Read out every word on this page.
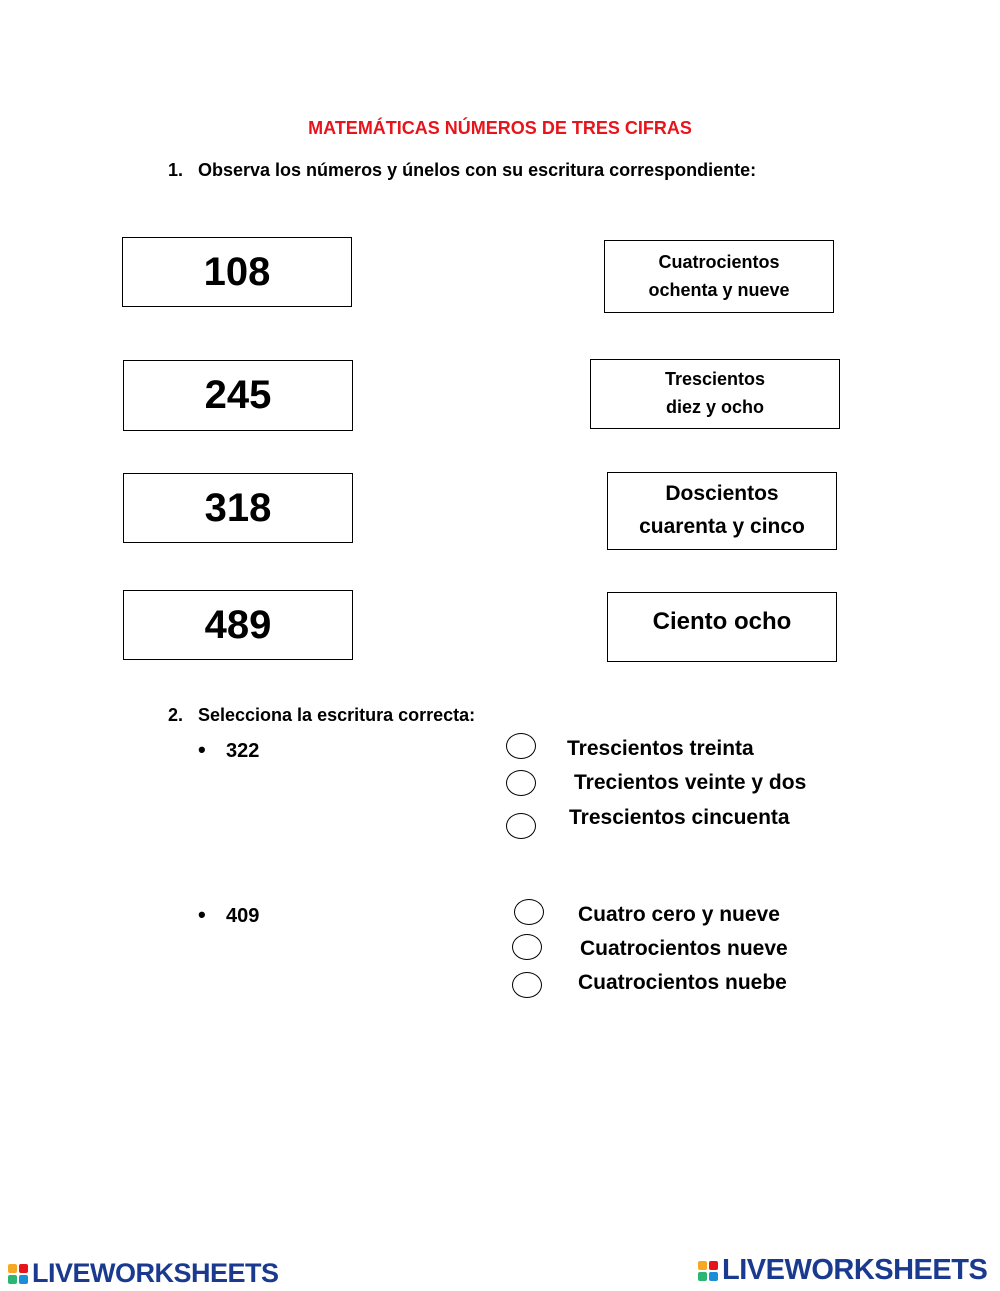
MATEMÁTICAS NÚMEROS DE TRES CIFRAS
1. Observa los números y únelos con su escritura correspondiente:
108
245
318
489
Cuatrocientos
ochenta y nueve
Trescientos
diez y ocho
Doscientos
cuarenta y cinco
Ciento ocho
2. Selecciona la escritura correcta:
• 322	Trescientos treinta
Trecientos veinte y dos
Trescientos cincuenta
• 409	Cuatro cero y nueve
Cuatrocientos nueve
Cuatrocientos nuebe
LIVEWORKSHEETS	LIVEWORKSHEETS
